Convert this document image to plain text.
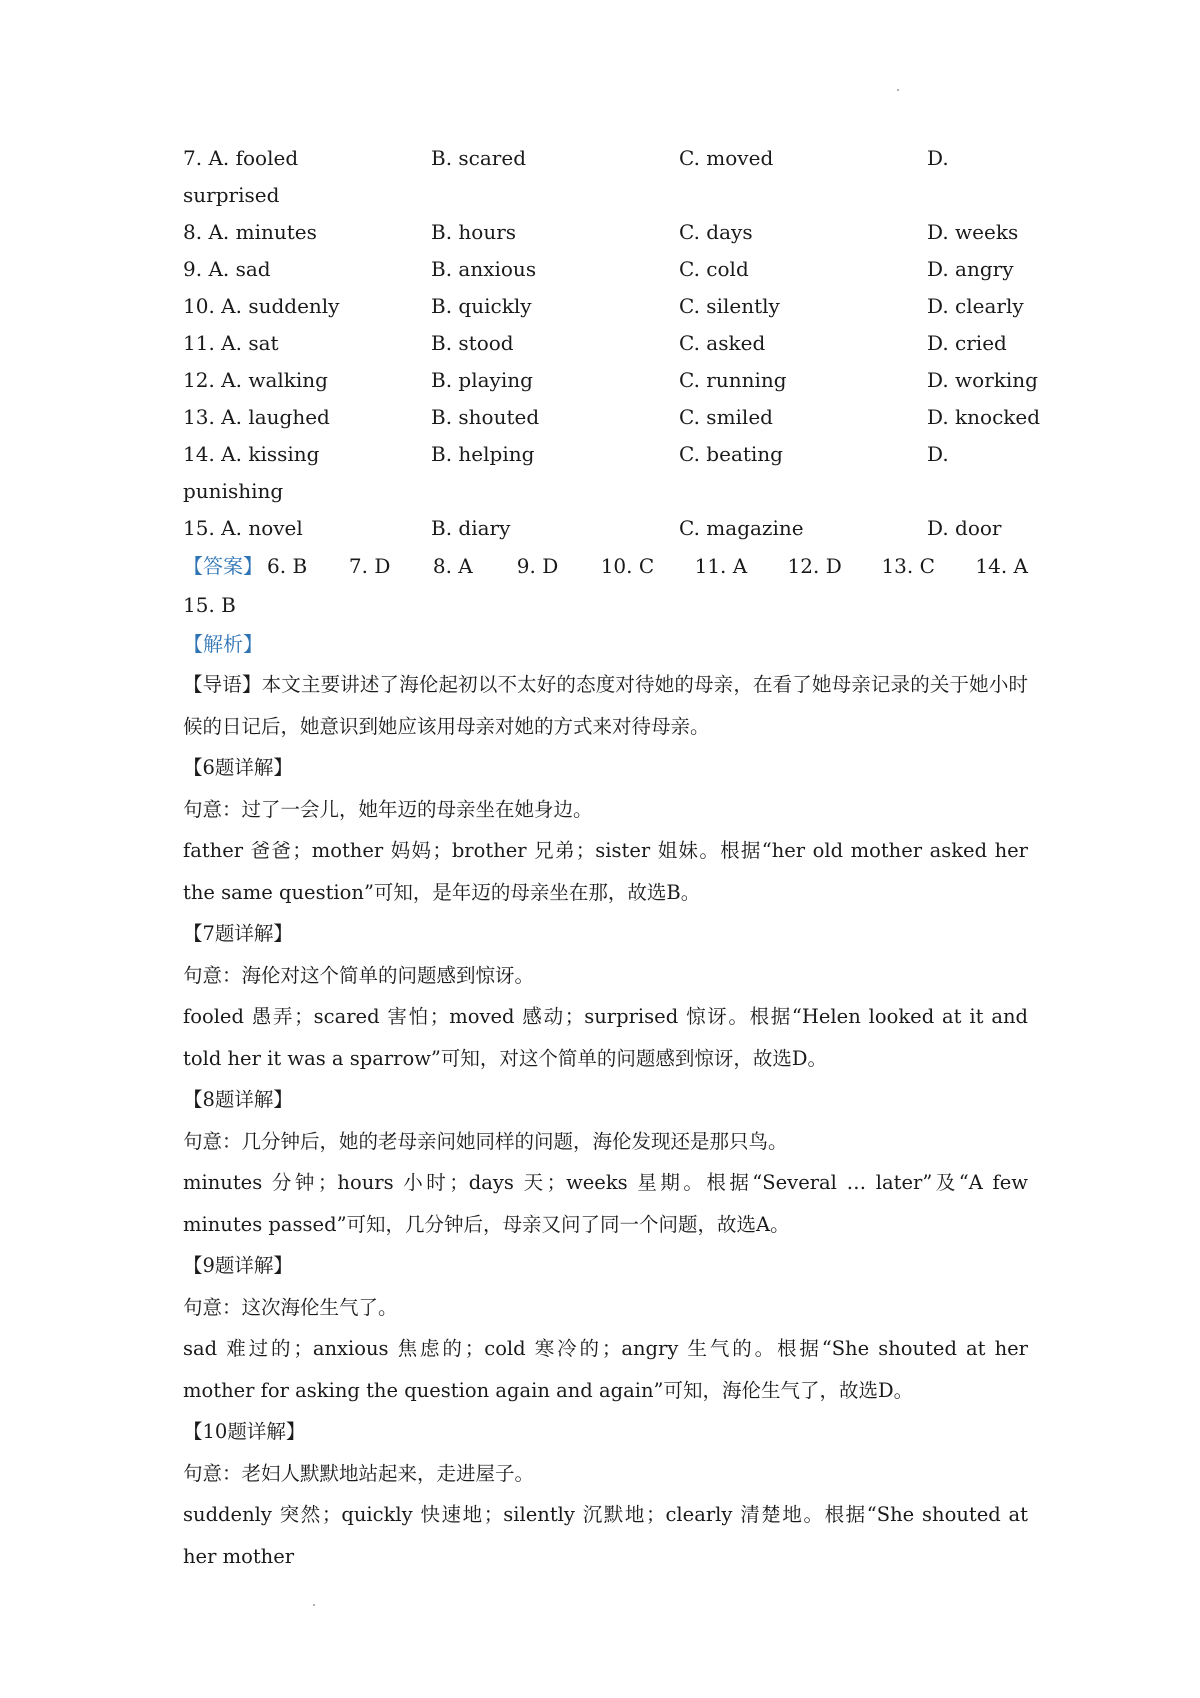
7. A. fooled	B. scared	C. moved	D.
surprised
8. A. minutes	B. hours	C. days	D. weeks
9. A. sad	B. anxious	C. cold	D. angry
10. A. suddenly	B. quickly	C. silently	D. clearly
11. A. sat	B. stood	C. asked	D. cried
12. A. walking	B. playing	C. running	D. working
13. A. laughed	B. shouted	C. smiled	D. knocked
14. A. kissing	B. helping	C. beating	D.
punishing
15. A. novel	B. diary	C. magazine	D. door
【答案】 6. B	7. D	8. A	9. D	10. C	11. A	12. D	13. C	14. A
15. B
【解析】

【导语】本文主要讲述了海伦起初以不太好的态度对待她的母亲，在看了她母亲记录的关于她小时候的日记后，她意识到她应该用母亲对她的方式来对待母亲。

【6题详解】

句意：过了一会儿，她年迈的母亲坐在她身边。

father 爸爸；mother 妈妈；brother 兄弟；sister 姐妹。根据“her old mother asked her the same question”可知，是年迈的母亲坐在那，故选B。

【7题详解】

句意：海伦对这个简单的问题感到惊讶。

fooled 愚弄；scared 害怕；moved 感动；surprised 惊讶。根据“Helen looked at it and told her it was a sparrow”可知，对这个简单的问题感到惊讶，故选D。

【8题详解】

句意：几分钟后，她的老母亲问她同样的问题，海伦发现还是那只鸟。

minutes 分钟；hours 小时；days 天；weeks 星期。根据“Several … later”及“A few minutes passed”可知，几分钟后，母亲又问了同一个问题，故选A。

【9题详解】

句意：这次海伦生气了。

sad 难过的；anxious 焦虑的；cold 寒冷的；angry 生气的。根据“She shouted at her mother for asking the question again and again”可知，海伦生气了，故选D。

【10题详解】

句意：老妇人默默地站起来，走进屋子。

suddenly 突然；quickly 快速地；silently 沉默地；clearly 清楚地。根据“She shouted at her mother
